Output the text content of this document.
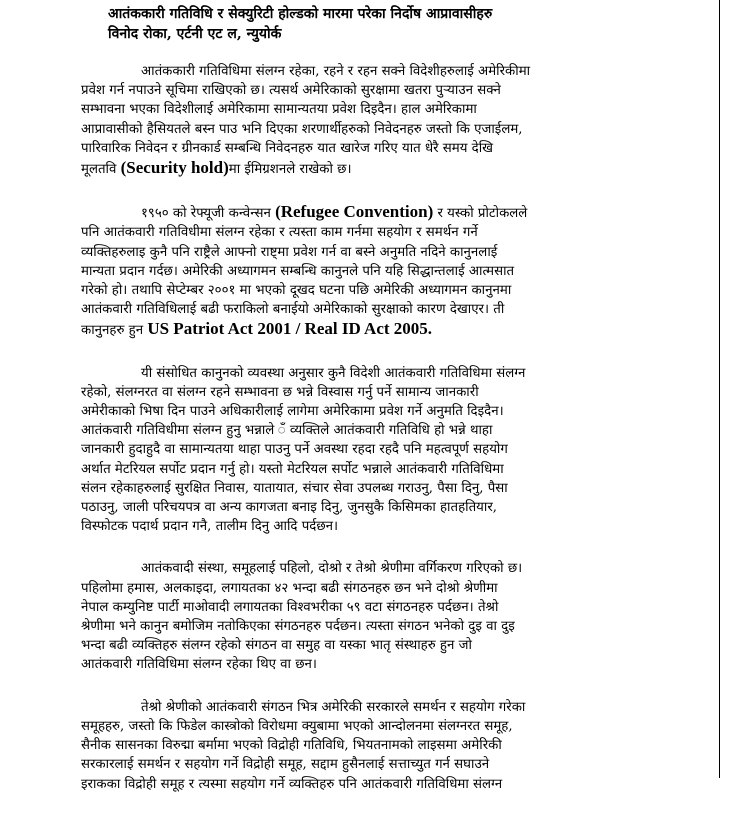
आतंककारी गतिविधि र सेक्युरिटी होल्डको मारमा परेका निर्दोष आप्रावासीहरु
विनोद रोका, एर्टनी एट ल, न्युयोर्क
आतंककारी गतिविधिमा संलग्न रहेका, रहने र रहन सक्ने विदेशीहरुलाई अमेरिकीमा
प्रवेश गर्न नपाउने सूचिमा राखिएको छ। त्यसर्थ अमेरिकाको सुरक्षामा खतरा पुर्‍याउन सक्ने
सम्भावना भएका विदेशीलाई अमेरिकामा सामान्यतया प्रवेश दिइदैन। हाल अमेरिकामा
आप्रावासीको हैसियतले बस्न पाउ भनि दिएका शरणार्थीहरुको निवेदनहरु जस्तो कि एजाईलम,
पारिवारिक निवेदन र ग्रीनकार्ड सम्बन्धि निवेदनहरु यात खारेज गरिए यात धेरै समय देखि
मूलतवि (Security hold)मा ईमिग्रशनले राखेको छ।
१९५० को रेफ्यूजी कन्वेन्सन (Refugee Convention) र यस्को प्रोटोकलले
पनि आतंकवारी गतिविधीमा संलग्न रहेका र त्यस्ता काम गर्नमा सहयोग र समर्थन गर्ने
व्यक्तिहरुलाइ कुनै पनि राष्ट्रैले आफ्नो राष्ट्मा प्रवेश गर्न वा बस्ने अनुमति नदिने कानुनलाई
मान्यता प्रदान गर्दछ। अमेरिकी अध्यागमन सम्बन्धि कानुनले पनि यहि सिद्धान्तलाई आत्मसात
गरेको हो। तथापि सेप्टेम्बर २००१ मा भएको दूखद घटना पछि अमेरिकी अध्यागमन कानुनमा
आतंकवारी गतिविधिलाई बढी फराकिलो बनाईयो अमेरिकाको सुरक्षाको कारण देखाएर। ती
कानुनहरु हुन US Patriot Act 2001 / Real ID Act 2005.
यी संसोधित कानुनको व्यवस्था अनुसार कुनै विदेशी आतंकवारी गतिविधिमा संलग्न
रहेको, संलग्नरत वा संलग्न रहने सम्भावना छ भन्ने विस्वास गर्नु पर्ने सामान्य जानकारी
अमेरीकाको भिषा दिन पाउने अधिकारीलाई लागेमा अमेरिकामा प्रवेश गर्ने अनुमति दिइदैन।
आतंकवारी गतिविधीमा संलग्न हुनु भन्नाले ँ व्यक्तिले आतंकवारी गतिविधि हो भन्ने थाहा
जानकारी हुदाहुदै वा सामान्यतया थाहा पाउनु पर्ने अवस्था रहदा रहदै पनि महत्वपूर्ण सहयोग
अर्थात मेटरियल सर्पोट प्रदान गर्नु हो। यस्तो मेटरियल सर्पोट भन्नाले आतंकवारी गतिविधिमा
संलन रहेकाहरुलाई सुरक्षित निवास, यातायात, संचार सेवा उपलब्ध गराउनु, पैसा दिनु, पैसा
पठाउनु, जाली परिचयपत्र वा अन्य कागजता बनाइ दिनु, जुनसुकै किसिमका हातहतियार,
विस्फोटक पदार्थ प्रदान गनै, तालीम दिनु आदि पर्दछन।
आतंकवादी संस्था, समूहलाई पहिलो, दोश्रो र तेश्रो श्रेणीमा वर्गिकरण गरिएको छ।
पहिलोमा हमास, अलकाइदा, लगायतका ४२ भन्दा बढी संगठनहरु छन भने दोश्रो श्रेणीमा
नेपाल कम्युनिष्ट पार्टी माओवादी लगायतका विश्वभरीका ५९ वटा संगठनहरु पर्दछन। तेश्रो
श्रेणीमा भने कानुन बमोजिम नतोकिएका संगठनहरु पर्दछन। त्यस्ता संगठन भनेको दुइ वा दुइ
भन्दा बढी व्यक्तिहरु संलग्न रहेको संगठन वा समुह वा यस्का भातृ संस्थाहरु हुन जो
आतंकवारी गतिविधिमा संलग्न रहेका थिए वा छन।
तेश्रो श्रेणीको आतंकवारी संगठन भित्र अमेरिकी सरकारले समर्थन र सहयोग गरेका
समूहहरु, जस्तो कि फिडेल कास्त्रोको विरोधमा क्युबामा भएको आन्दोलनमा संलग्नरत समूह,
सैनीक सासनका विरुद्मा बर्मामा भएको विद्रोही गतिविधि, भियतनामको लाइसमा अमेरिकी
सरकारलाई समर्थन र सहयोग गर्ने विद्रोही समूह, सद्दाम हुसैनलाई सत्ताच्युत गर्न सघाउने
इराकका विद्रोही समूह र त्यस्मा सहयोग गर्ने व्यक्तिहरु पनि आतंकवारी गतिविधिमा संलग्न
